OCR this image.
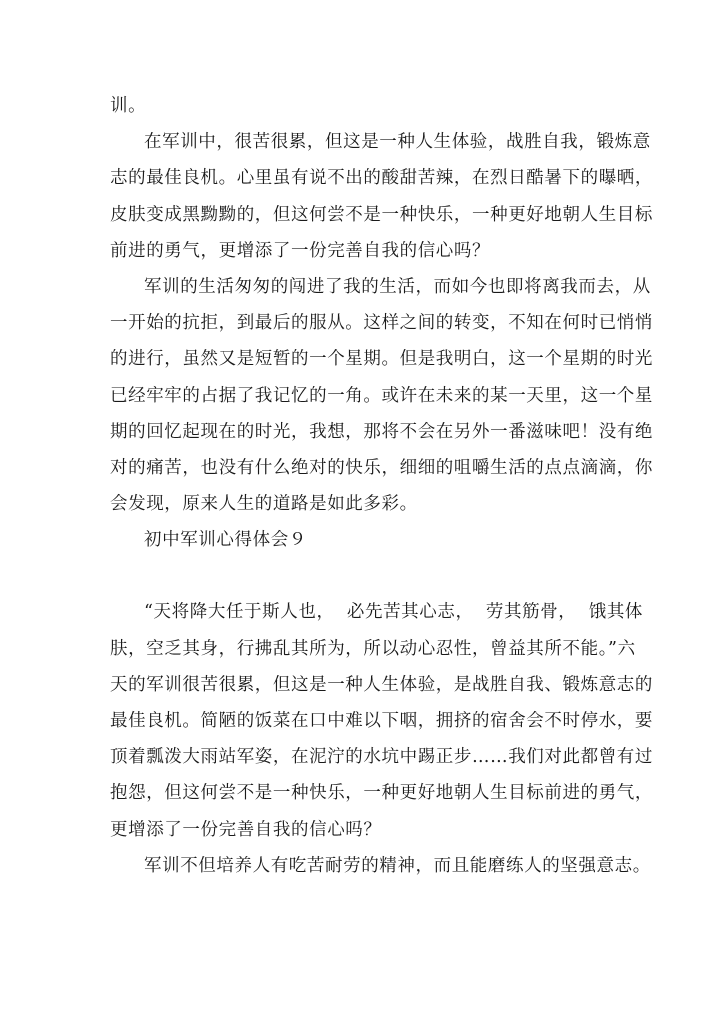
训。
在军训中，很苦很累，但这是一种人生体验，战胜自我，锻炼意
志的最佳良机。心里虽有说不出的酸甜苦辣，在烈日酷暑下的曝晒，
皮肤变成黑黝黝的，但这何尝不是一种快乐，一种更好地朝人生目标
前进的勇气，更增添了一份完善自我的信心吗？
军训的生活匆匆的闯进了我的生活，而如今也即将离我而去，从
一开始的抗拒，到最后的服从。这样之间的转变，不知在何时已悄悄
的进行，虽然又是短暂的一个星期。但是我明白，这一个星期的时光
已经牢牢的占据了我记忆的一角。或许在未来的某一天里，这一个星
期的回忆起现在的时光，我想，那将不会在另外一番滋味吧！没有绝
对的痛苦，也没有什么绝对的快乐，细细的咀嚼生活的点点滴滴，你
会发现，原来人生的道路是如此多彩。
初中军训心得体会９
“天将降大任于斯人也，  必先苦其心志，  劳其筋骨，  饿其体
肤，空乏其身，行拂乱其所为，所以动心忍性，曾益其所不能。”六
天的军训很苦很累，但这是一种人生体验，是战胜自我、锻炼意志的
最佳良机。简陋的饭菜在口中难以下咽，拥挤的宿舍会不时停水，要
顶着瓢泼大雨站军姿，在泥泞的水坑中踢正步……我们对此都曾有过
抱怨，但这何尝不是一种快乐，一种更好地朝人生目标前进的勇气，
更增添了一份完善自我的信心吗？
军训不但培养人有吃苦耐劳的精神，而且能磨练人的坚强意志。
